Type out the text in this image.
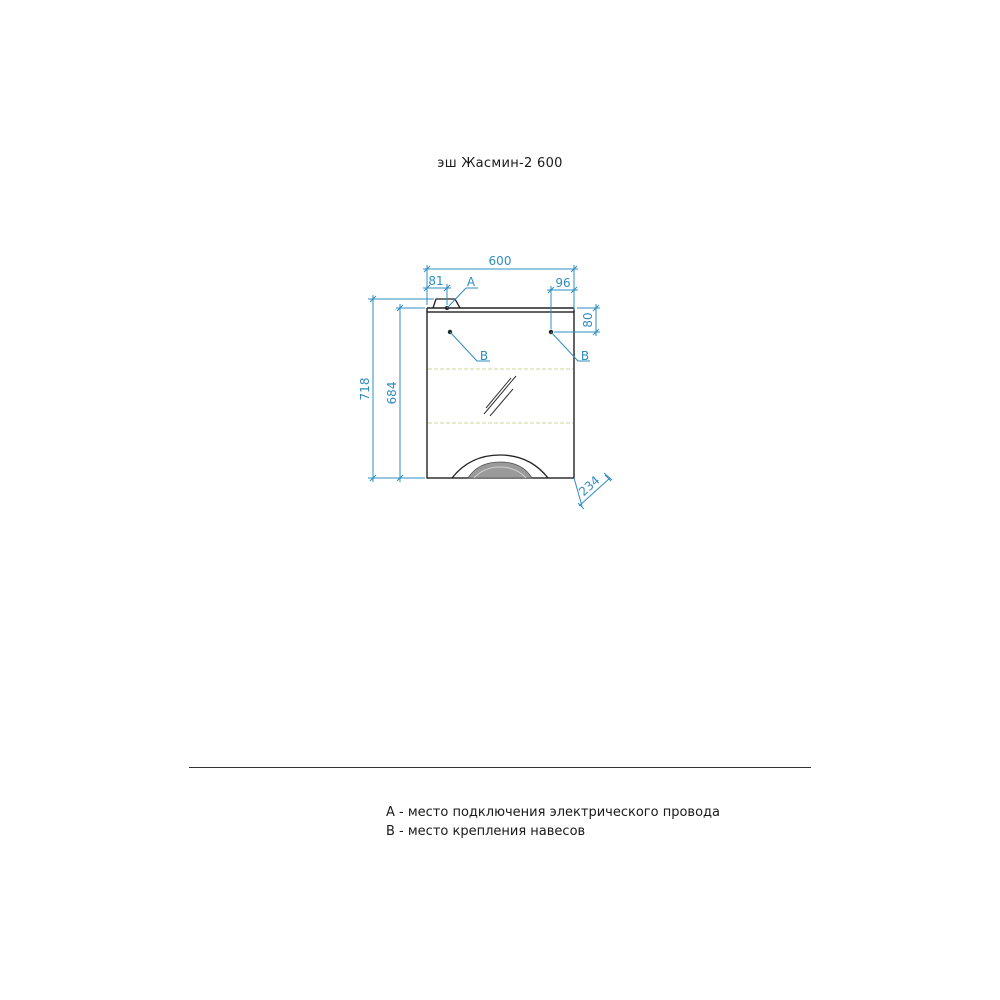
эш Жасмин-2 600
600
81	96
80
718 684
234
A
B	B
А - место подключения электрического провода
В - место крепления навесов
